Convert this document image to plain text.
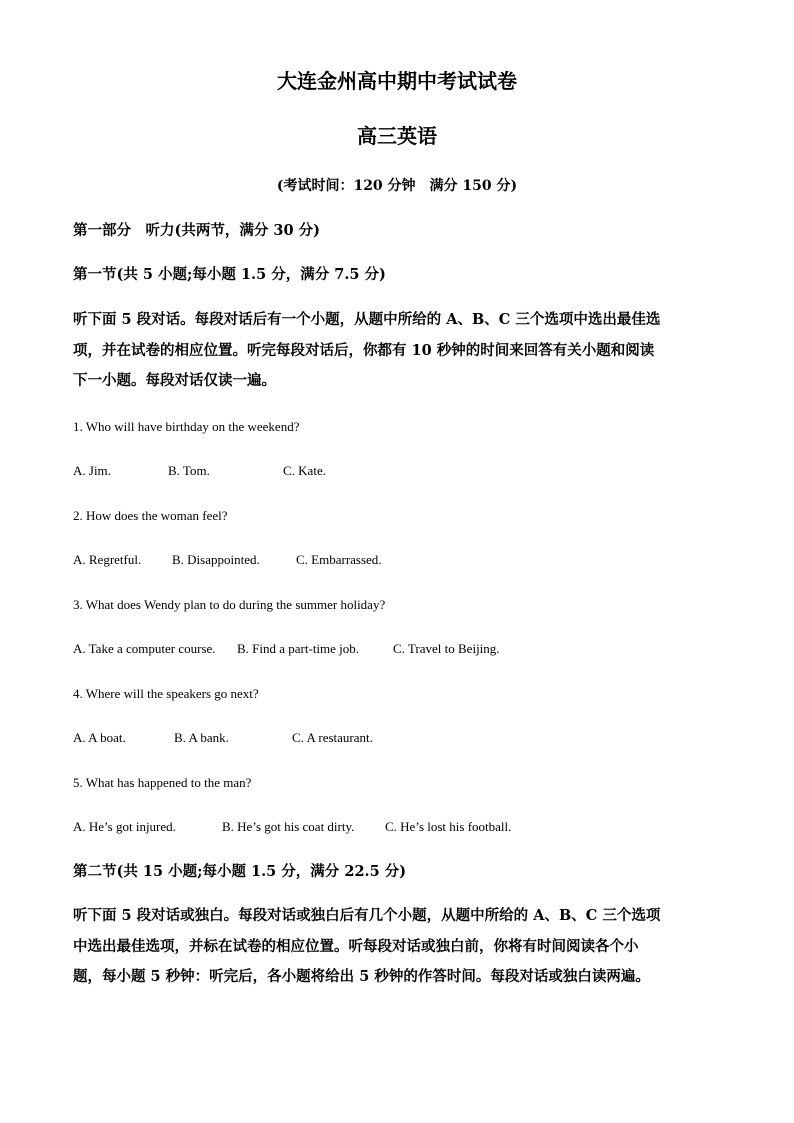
大连金州高中期中考试试卷
高三英语
(考试时间：120 分钟　满分 150 分)
第一部分　听力(共两节，满分 30 分)
第一节(共 5 小题;每小题 1.5 分，满分 7.5 分)
听下面 5 段对话。每段对话后有一个小题，从题中所给的 A、B、C 三个选项中选出最佳选
项，并在试卷的相应位置。听完每段对话后，你都有 10 秒钟的时间来回答有关小题和阅读
下一小题。每段对话仅读一遍。
1. Who will have birthday on the weekend?
A. Jim.	B. Tom.	C. Kate.
2. How does the woman feel?
A. Regretful. B. Disappointed.	C. Embarrassed.
3. What does Wendy plan to do during the summer holiday?
A. Take a computer course. B. Find a part-time job.	C. Travel to Beijing.
4. Where will the speakers go next?
A. A boat.	B. A bank.	C. A restaurant.
5. What has happened to the man?
A. He’s got injured.	B. He’s got his coat dirty. C. He’s lost his football.
第二节(共 15 小题;每小题 1.5 分，满分 22.5 分)
听下面 5 段对话或独白。每段对话或独白后有几个小题，从题中所给的 A、B、C 三个选项
中选出最佳选项，并标在试卷的相应位置。听每段对话或独白前，你将有时间阅读各个小
题，每小题 5 秒钟：听完后，各小题将给出 5 秒钟的作答时间。每段对话或独白读两遍。
